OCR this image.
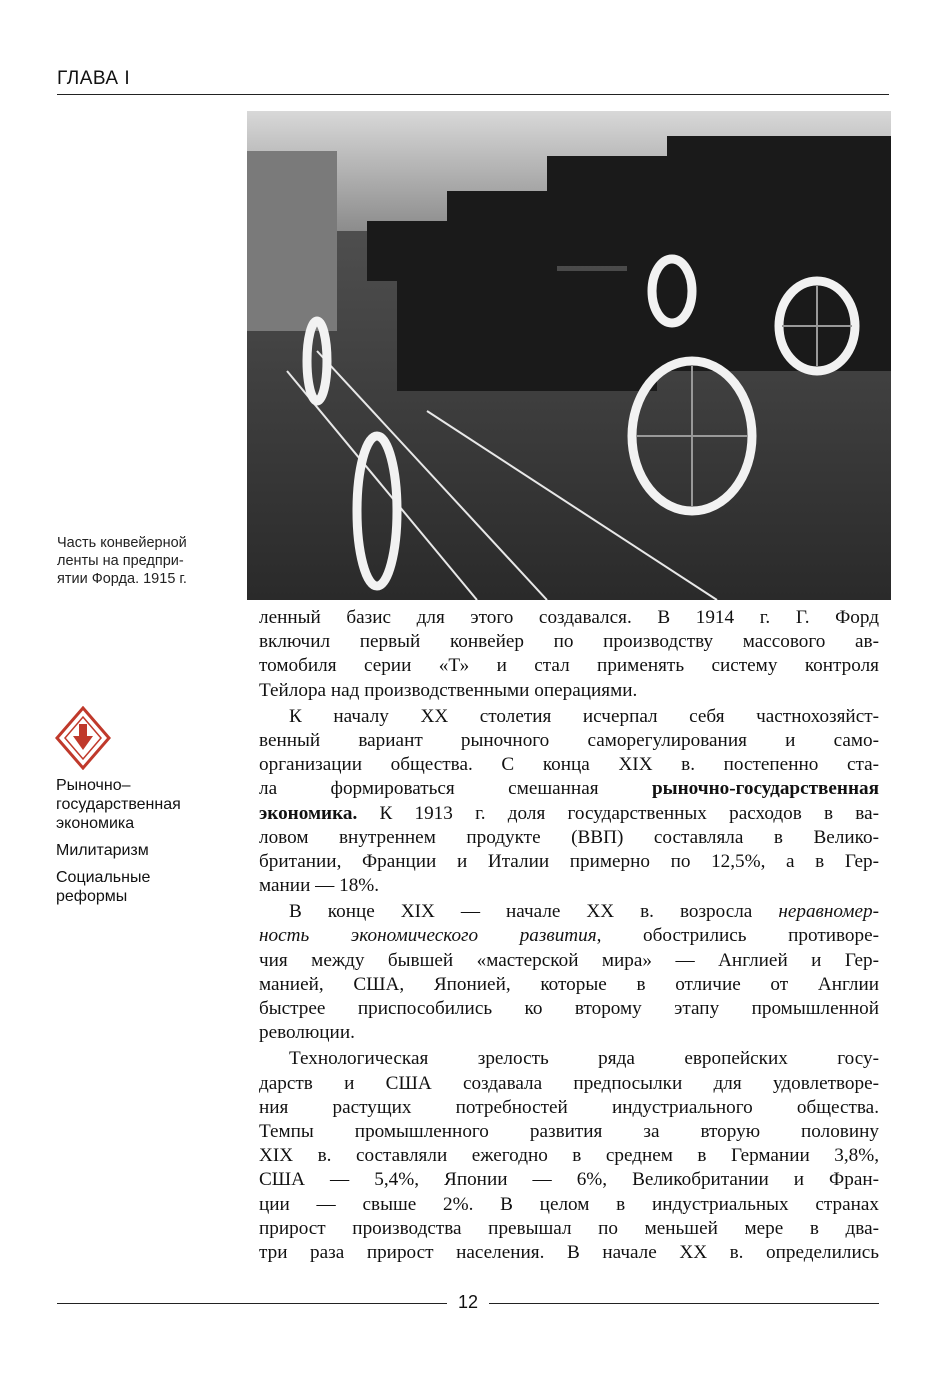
ГЛАВА I
Часть конвейерной
ленты на предпри-
ятии Форда. 1915 г.
Рыночно–
государственная
экономика
Милитаризм
Социальные
реформы
ленный базис для этого создавался. В 1914 г. Г. Форд
включил первый конвейер по производству массового ав-
томобиля серии «Т» и стал применять систему контроля
Тейлора над производственными операциями.
К началу XX столетия исчерпал себя частнохозяйст-
венный вариант рыночного саморегулирования и само-
организации общества. С конца XIX в. постепенно ста-
ла формироваться смешанная рыночно-государственная
экономика. К 1913 г. доля государственных расходов в ва-
ловом внутреннем продукте (ВВП) составляла в Велико-
британии, Франции и Италии примерно по 12,5%, а в Гер-
мании — 18%.
В конце XIX — начале XX в. возросла неравномер-
ность экономического развития, обострились противоре-
чия между бывшей «мастерской мира» — Англией и Гер-
манией, США, Японией, которые в отличие от Англии
быстрее приспособились ко второму этапу промышленной
революции.
Технологическая зрелость ряда европейских госу-
дарств и США создавала предпосылки для удовлетворе-
ния растущих потребностей индустриального общества.
Темпы промышленного развития за вторую половину
XIX в. составляли ежегодно в среднем в Германии 3,8%,
США — 5,4%, Японии — 6%, Великобритании и Фран-
ции — свыше 2%. В целом в индустриальных странах
прирост производства превышал по меньшей мере в два-
три раза прирост населения. В начале XX в. определились
12
